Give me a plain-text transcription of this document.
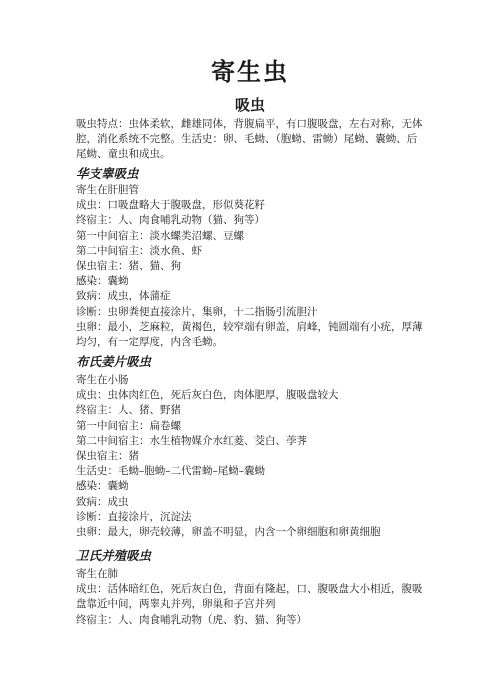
寄生虫
吸虫
吸虫特点：虫体柔软，雌雄同体，背腹扁平，有口腹吸盘，左右对称，无体腔，消化系统不完整。生活史：卵、毛蚴、（胞蚴、雷蚴）尾蚴、囊蚴、后尾蚴、童虫和成虫。
华支睾吸虫
寄生在肝胆管
成虫：口吸盘略大于腹吸盘，形似葵花籽
终宿主：人、肉食哺乳动物（猫、狗等）
第一中间宿主：淡水螺类沼螺、豆螺
第二中间宿主：淡水鱼、虾
保虫宿主：猪、猫、狗
感染：囊蚴
致病：成虫，体蒲症
诊断：虫卵粪便直接涂片，集卵，十二指肠引流胆汁
虫卵：最小，芝麻粒，黄褐色，较窄端有卵盖，肩峰，钝圆端有小疣，厚薄均匀，有一定厚度，内含毛蚴。
布氏姜片吸虫
寄生在小肠
成虫：虫体肉红色，死后灰白色，肉体肥厚，腹吸盘较大
终宿主：人、猪、野猪
第一中间宿主：扁卷螺
第二中间宿主：水生植物媒介水红菱、茭白、荸荠
保虫宿主：猪
生活史：毛蚴–胞蚴–二代雷蚴–尾蚴–囊蚴
感染：囊蚴
致病：成虫
诊断：直接涂片，沉淀法
虫卵：最大，卵壳较薄，卵盖不明显，内含一个卵细胞和卵黄细胞
卫氏并殖吸虫
寄生在肺
成虫：活体暗红色，死后灰白色，背面有隆起，口、腹吸盘大小相近，腹吸盘靠近中间，两睾丸并列，卵巢和子宫并列
终宿主：人、肉食哺乳动物（虎、豹、猫、狗等）
